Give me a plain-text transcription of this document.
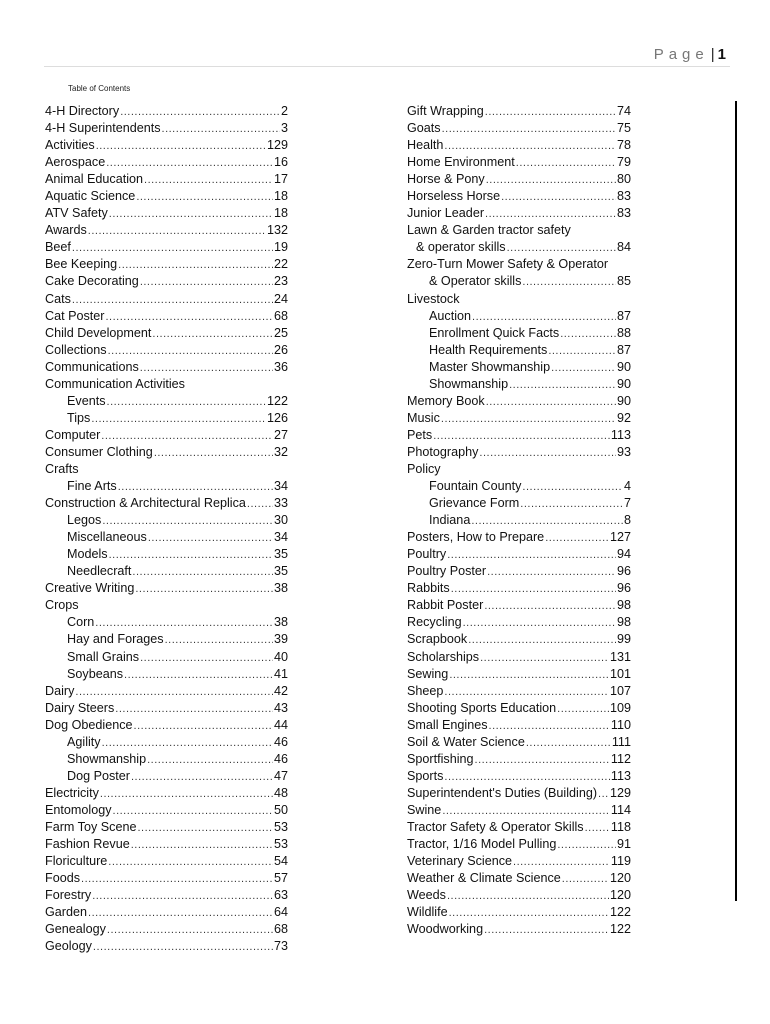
Page | 1
Table of Contents
4-H Directory .....	2
4-H Superintendents .....	3
Activities .....	129
Aerospace .....	16
Animal Education .....	17
Aquatic Science .....	18
ATV Safety .....	18
Awards .....	132
Beef .....	19
Bee Keeping .....	22
Cake Decorating .....	23
Cats .....	24
Cat Poster .....	68
Child Development .....	25
Collections .....	26
Communications .....	36
Communication Activities
Events .....	122
Tips .....	126
Computer .....	27
Consumer Clothing .....	32
Crafts
Fine Arts .....	34
Construction & Architectural Replica ..... 33
Legos .....	30
Miscellaneous .....	34
Models .....	35
Needlecraft .....	35
Creative Writing .....	38
Crops
Corn .....	38
Hay and Forages .....	39
Small Grains .....	40
Soybeans .....	41
Dairy .....	42
Dairy Steers .....	43
Dog Obedience .....	44
Agility .....	46
Showmanship .....	46
Dog Poster .....	47
Electricity .....	48
Entomology .....	50
Farm Toy Scene .....	53
Fashion Revue .....	53
Floriculture .....	54
Foods .....	57
Forestry .....	63
Garden .....	64
Genealogy .....	68
Geology .....	73
Gift Wrapping .....	74
Goats .....	75
Health .....	78
Home Environment .....	79
Horse & Pony .....	80
Horseless Horse .....	83
Junior Leader .....	83
Lawn & Garden tractor safety
& operator skills .....	84
Zero-Turn Mower Safety & Operator
& Operator skills .....	85
Livestock
Auction .....	87
Enrollment Quick Facts .....	88
Health Requirements .....	87
Master Showmanship .....	90
Showmanship .....	90
Memory Book .....	90
Music .....	92
Pets .....	113
Photography .....	93
Policy
Fountain County .....	4
Grievance Form .....	7
Indiana .....	8
Posters, How to Prepare .....	127
Poultry .....	94
Poultry Poster .....	96
Rabbits .....	96
Rabbit Poster .....	98
Recycling .....	98
Scrapbook .....	99
Scholarships .....	131
Sewing .....	101
Sheep .....	107
Shooting Sports Education .....	109
Small Engines .....	110
Soil & Water Science .....	111
Sportfishing .....	112
Sports .....	113
Superintendent's Duties (Building) ..... 129
Swine .....	114
Tractor Safety & Operator Skills ..... 118
Tractor, 1/16 Model Pulling .....	91
Veterinary Science .....	119
Weather & Climate Science .....	120
Weeds .....	120
Wildlife .....	122
Woodworking .....	122
